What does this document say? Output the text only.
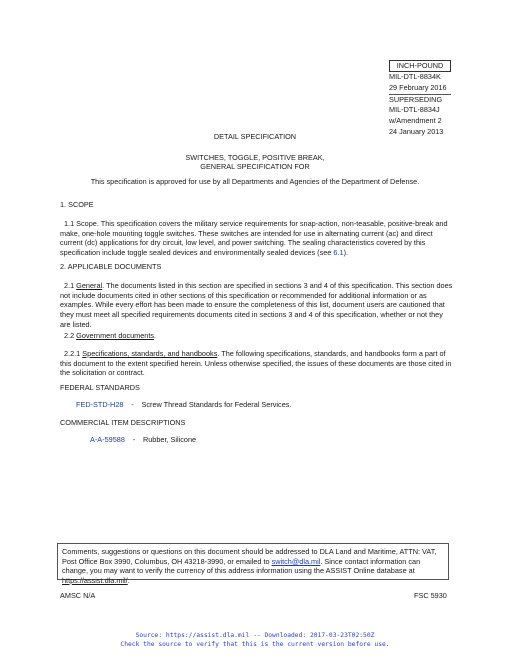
INCH-POUND
MIL-DTL-8834K
29 February 2016
SUPERSEDING
MIL-DTL-8834J
w/Amendment 2
24 January 2013
DETAIL SPECIFICATION
SWITCHES, TOGGLE, POSITIVE BREAK,
GENERAL SPECIFICATION FOR
This specification is approved for use by all Departments and Agencies of the Department of Defense.
1. SCOPE
1.1 Scope. This specification covers the military service requirements for snap-action, non-teasable, positive-break and make, one-hole mounting toggle switches. These switches are intended for use in alternating current (ac) and direct current (dc) applications for dry circuit, low level, and power switching. The sealing characteristics covered by this specification include toggle sealed devices and environmentally sealed devices (see 6.1).
2. APPLICABLE DOCUMENTS
2.1 General. The documents listed in this section are specified in sections 3 and 4 of this specification. This section does not include documents cited in other sections of this specification or recommended for additional information or as examples. While every effort has been made to ensure the completeness of this list, document users are cautioned that they must meet all specified requirements documents cited in sections 3 and 4 of this specification, whether or not they are listed.
2.2 Government documents.
2.2.1 Specifications, standards, and handbooks. The following specifications, standards, and handbooks form a part of this document to the extent specified herein. Unless otherwise specified, the issues of these documents are those cited in the solicitation or contract.
FEDERAL STANDARDS
FED-STD-H28 - Screw Thread Standards for Federal Services.
COMMERCIAL ITEM DESCRIPTIONS
A-A-59588 - Rubber, Silicone
Comments, suggestions or questions on this document should be addressed to DLA Land and Maritime, ATTN: VAT, Post Office Box 3990, Columbus, OH 43218-3990, or emailed to switch@dla.mil. Since contact information can change, you may want to verify the currency of this address information using the ASSIST Online database at https://assist.dla.mil/.
AMSC N/A	FSC 5930
Source: https://assist.dla.mil -- Downloaded: 2017-03-23T02:50Z
Check the source to verify that this is the current version before use.
